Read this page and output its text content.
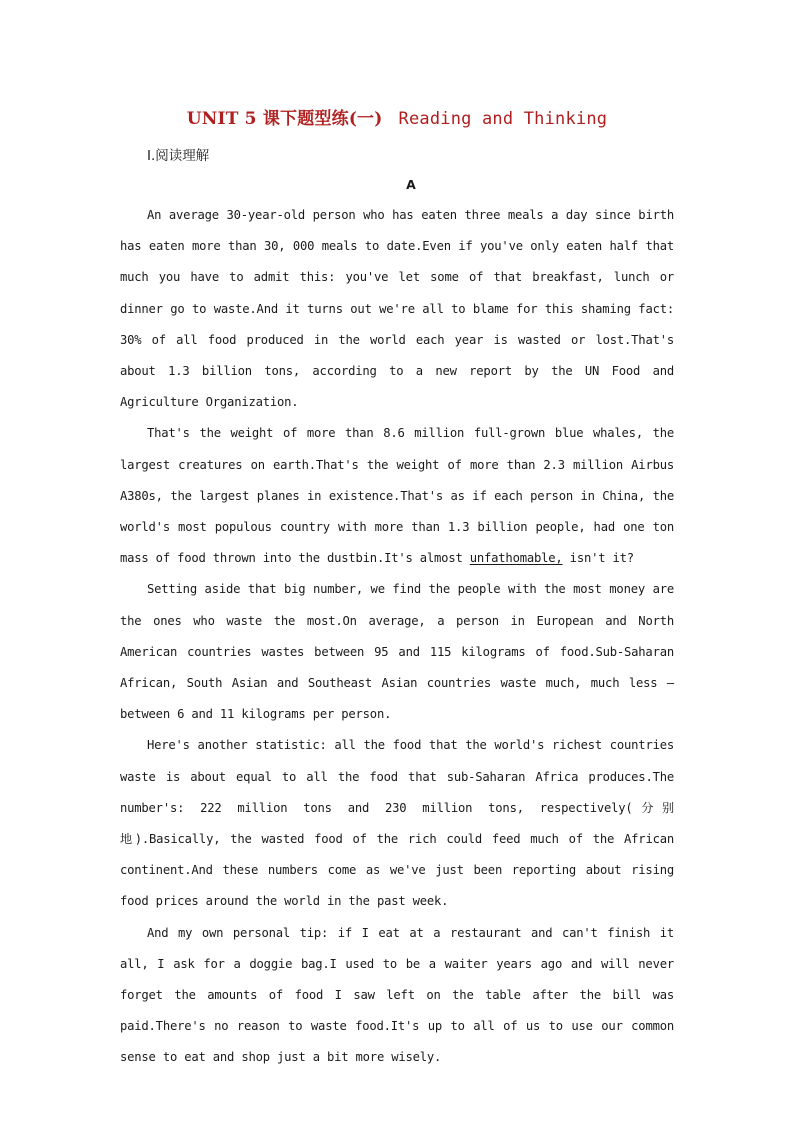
UNIT 5 课下题型练(一) Reading and Thinking
Ⅰ.阅读理解
A

An average 30-year-old person who has eaten three meals a day since birth has eaten more than 30, 000 meals to date.Even if you've only eaten half that much you have to admit this: you've let some of that breakfast, lunch or dinner go to waste.And it turns out we're all to blame for this shaming fact: 30% of all food produced in the world each year is wasted or lost.That's about 1.3 billion tons, according to a new report by the UN Food and Agriculture Organization.

That's the weight of more than 8.6 million full-grown blue whales, the largest creatures on earth.That's the weight of more than 2.3 million Airbus A380s, the largest planes in existence.That's as if each person in China, the world's most populous country with more than 1.3 billion people, had one ton mass of food thrown into the dustbin.It's almost unfathomable, isn't it?

Setting aside that big number, we find the people with the most money are the ones who waste the most.On average, a person in European and North American countries wastes between 95 and 115 kilograms of food.Sub-Saharan African, South Asian and Southeast Asian countries waste much, much less — between 6 and 11 kilograms per person.

Here's another statistic: all the food that the world's richest countries waste is about equal to all the food that sub-Saharan Africa produces.The number's: 222 million tons and 230 million tons, respectively(分别地).Basically, the wasted food of the rich could feed much of the African continent.And these numbers come as we've just been reporting about rising food prices around the world in the past week.

And my own personal tip: if I eat at a restaurant and can't finish it all, I ask for a doggie bag.I used to be a waiter years ago and will never forget the amounts of food I saw left on the table after the bill was paid.There's no reason to waste food.It's up to all of us to use our common sense to eat and shop just a bit more wisely.
